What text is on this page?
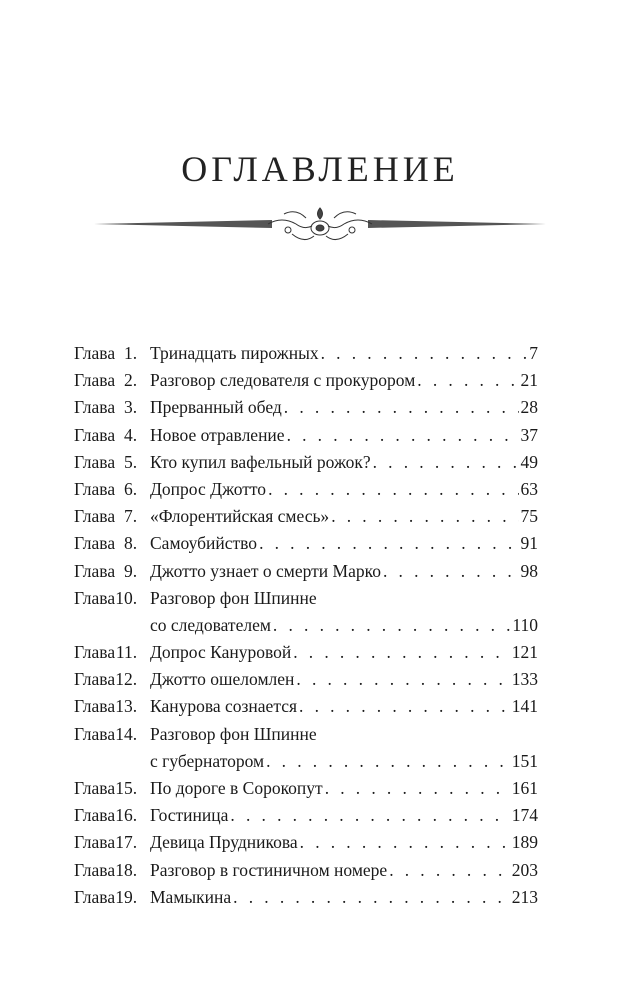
ОГЛАВЛЕНИЕ
Глава 1. Тринадцать пирожных . . .	7
Глава 2. Разговор следователя с прокурором . . .	21
Глава 3. Прерванный обед . . .	28
Глава 4. Новое отравление . . .	37
Глава 5. Кто купил вафельный рожок? . . .	49
Глава 6. Допрос Джотто . . .	63
Глава 7. «Флорентийская смесь» . . .	75
Глава 8. Самоубийство . . .	91
Глава 9. Джотто узнает о смерти Марко . . .	98
Глава10. Разговор фон Шпинне
со следователем . . .	110
Глава11. Допрос Кануровой . . .	121
Глава12. Джотто ошеломлен . . .	133
Глава13. Канурова сознается . . .	141
Глава14. Разговор фон Шпинне
с губернатором . . .	151
Глава15. По дороге в Сорокопут . . .	161
Глава16. Гостиница . . .	174
Глава17. Девица Прудникова . . .	189
Глава18. Разговор в гостиничном номере . . .	203
Глава19. Мамыкина . . .	213
